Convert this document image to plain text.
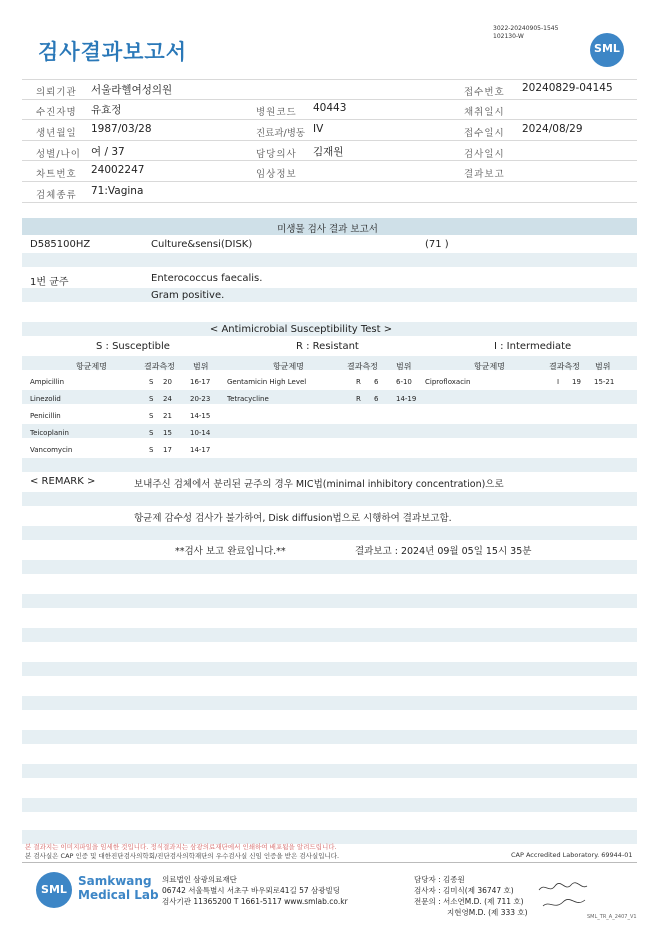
검사결과보고서
3022-20240905-1545
102130-W
SML
의뢰기관 서울라헬여성의원	접수번호 20240829-04145
수진자명 유효정	병원코드 40443	채취일시
생년월일 1987/03/28	진료과/병동 IV	접수일시 2024/08/29
성별/나이 여 / 37	담당의사 김재원	검사일시
차트번호 24002247	임상정보	결과보고
검체종류 71:Vagina
미생물 검사 결과 보고서
D585100HZ	Culture&sensi(DISK)	(71 )
1번 균주	Enterococcus faecalis.
Gram positive.
< Antimicrobial Susceptibility Test >
S : Susceptible	R : Resistant	I : Intermediate
항균제명	결과측정 범위	항균제명	결과측정 범위	항균제명	결과측정 범위
Ampicillin	S 20	16-17
Linezolid	S 24	20-23
Penicillin	S 21	14-15
Teicoplanin	S 15	10-14
Vancomycin	S 17	14-17
Gentamicin High Level	R 6	6-10
Tetracycline	R 6	14-19
Ciprofloxacin	I 19 15-21
< REMARK >	보내주신 검체에서 분리된 균주의 경우 MIC법(minimal inhibitory concentration)으로
항균제 감수성 검사가 불가하여, Disk diffusion법으로 시행하여 결과보고함.
**검사 보고 완료입니다.**	결과보고 : 2024년 09월 05일 15시 35분
본 결과지는 이미지파일을 임세한 것입니다. 정식결과지는 삼광의료재단에서 인쇄하여 배포됨을 알려드립니다.
본 검사실은 CAP 인증 및 대한진단검사의학회/진단검사의학재단의 우수검사실 신임 인증을 받은 검사실입니다.	CAP Accredited Laboratory. 69944-01
SML
Samkwang
Medical Lab
의료법인 삼광의료재단
06742 서울특별시 서초구 바우뫼로41길 57 삼광빌딩
검사기관 11365200 T 1661-5117 www.smlab.co.kr
담당자 : 김종원
검사자 : 김미식(제 36747 호)
전문의 : 서소연M.D. (제 711 호)
지현영M.D. (제 333 호)	SML_TR_A_2407_V1
